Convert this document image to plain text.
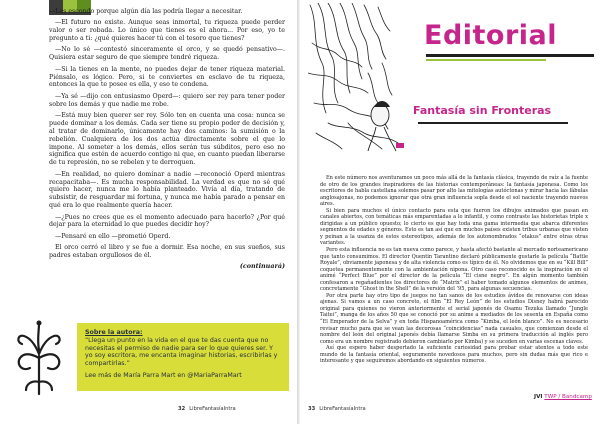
—Las escondo porque algún día las podría llegar a necesitar.

—El futuro no existe. Aunque seas inmortal, tu riqueza puede perder valor o ser robada. Lo único que tienes es el ahora... Por eso, yo te pregunto a ti: ¿qué quieres hacer tú con el tesoro que tienes?

—No lo sé —contestó sinceramente el orco, y se quedó pensativo—. Quisiera estar seguro de que siempre tendré riqueza.

—Si la tienes en la mente, no puedes dejar de tener riqueza material. Piénsalo, es lógico. Pero, si te conviertes en esclavo de tu riqueza, entonces la que te posee es ella, y eso te condena.

—Ya sé —dijo con entusiasmo Operd—: quiero ser rey para tener poder sobre los demás y que nadie me robe.

—Está muy bien querer ser rey. Sólo ten en cuenta una cosa: nunca se puede dominar a los demás. Cada ser tiene su propio poder de decisión y, al tratar de dominarlo, únicamente hay dos caminos: la sumisión o la rebelión. Cualquiera de los dos actúa directamente sobre el que lo impone. Al someter a los demás, ellos serán tus súbditos, pero eso no significa que estén de acuerdo contigo ni que, en cuanto puedan liberarse de tu represión, no se rebelen y te derroquen.

—En realidad, no quiero dominar a nadie —reconoció Operd mientras recapacitaba—. Es mucha responsabilidad. La verdad es que no sé qué quiero hacer, nunca me lo había planteado. Vivía al día, tratando de subsistir, de resguardar mi fortuna, y nunca me había parado a pensar en qué era lo que realmente quería hacer.

—¿Pues no crees que es el momento adecuado para hacerlo? ¿Por qué dejar para la eternidad lo que puedes decidir hoy?

—Pensaré en ello —prometió Operd.

El orco cerró el libro y se fue a dormir. Esa noche, en sus sueños, sus padres estaban orgullosos de él.

(continuará)
Sobre la autora:
“Llega un punto en la vida en el que te das cuenta que no necesitas el permiso de nadie para ser lo que quieres ser. Y yo soy escritora, me encanta imaginar historias, escribirlas y compartirlas.”
Lee más de María Parra Mart en @MariaParraMart
32 LibreFantasíaIntra
Editorial
Fantasía sin Fronteras

En este número nos aventuramos un poco más allá de la fantasía clásica, trayendo de raíz a la fuente de otro de los grandes inspiradores de las historias contemporáneas: la fantasía japonesa. Como los escritores de habla castellana solemos pasar por alto las mitologías autóctonas y mirar hacia las fábulas anglosajonas, no podemos ignorar que otra gran influencia sopla desde el sol naciente trayendo nuevos aires.

Si bien para muchos el único contacto para esta que fueron los dibujos animados que pasan en canales abiertos, con temáticas más emparentadas a lo infantil, y como contraste las historietas triple x dirigidas a un público opuesto; lo cierto es que hay toda una gama intermedia que abarca diferentes segmentos de edades y géneros. Esto es tan así que en muchos países existen tribus urbanas que visten y peinan a la usanza de estos estereotipos, además de los autonombrados “otakus” entre otras otras variantes.

Pero esta influencia no es tan nueva como parece, y hasta afectó bastante al mercado norteamericano que tanto consumimos. El director Quentin Tarantino declaró públicamente gustarle la película “Battle Royale”, obviamente japonesa y de alta violencia como es típico de él. No olvidemos que en su “Kill Bill” coquetea permanentemente con la ambientación nipona. Otro caso reconocido es la inspiración en el animé “Perfect Blue” por el director de la película “El cisne negro”. En algún momento también confesaron a regañadientes los directores de “Matrix” el haber tomado algunos elementos de animes, concretamente “Ghost in the Shell” de la versión del ’95, para algunas secuencias.

Por otra parte hay otro tipo de juegos no tan sanos de los estudios ávidos de renovarse con ideas ajenas. Si vamos a un caso concreto, el film “El Rey León” de los estudios Disney habrá parecido original para quienes no vieron anteriormente el serial japonés de Osamu Tezuka llamado “Jungle Taitei”, manga de los años 50 que se conoció por su anime a mediados de los sesenta en España como “El Emperador de la Selva” y en toda Hispanoamérica como “Kimba, el león blanco”. No es necesario revisar mucho para que se vean las decorosas “coincidencias” nada casuales, que comienzan desde el nombre del león del original japonés debía llamarse Simba en su primera traducción al inglés pero como era un nombre registrado debieron cambiarlo por Kimba) y se suceden en varias escenas claves.

Así que espero haber despertado la suficiente curiosidad para probar estar atentos a todo este mundo de la fantasía oriental, seguramente novedosos para muchos, pero sin dudas más que rico e interesante y que seguiremos abordando en siguientes números.

JVI TWP / Bandcamp
33 LibreFantasíaIntra
